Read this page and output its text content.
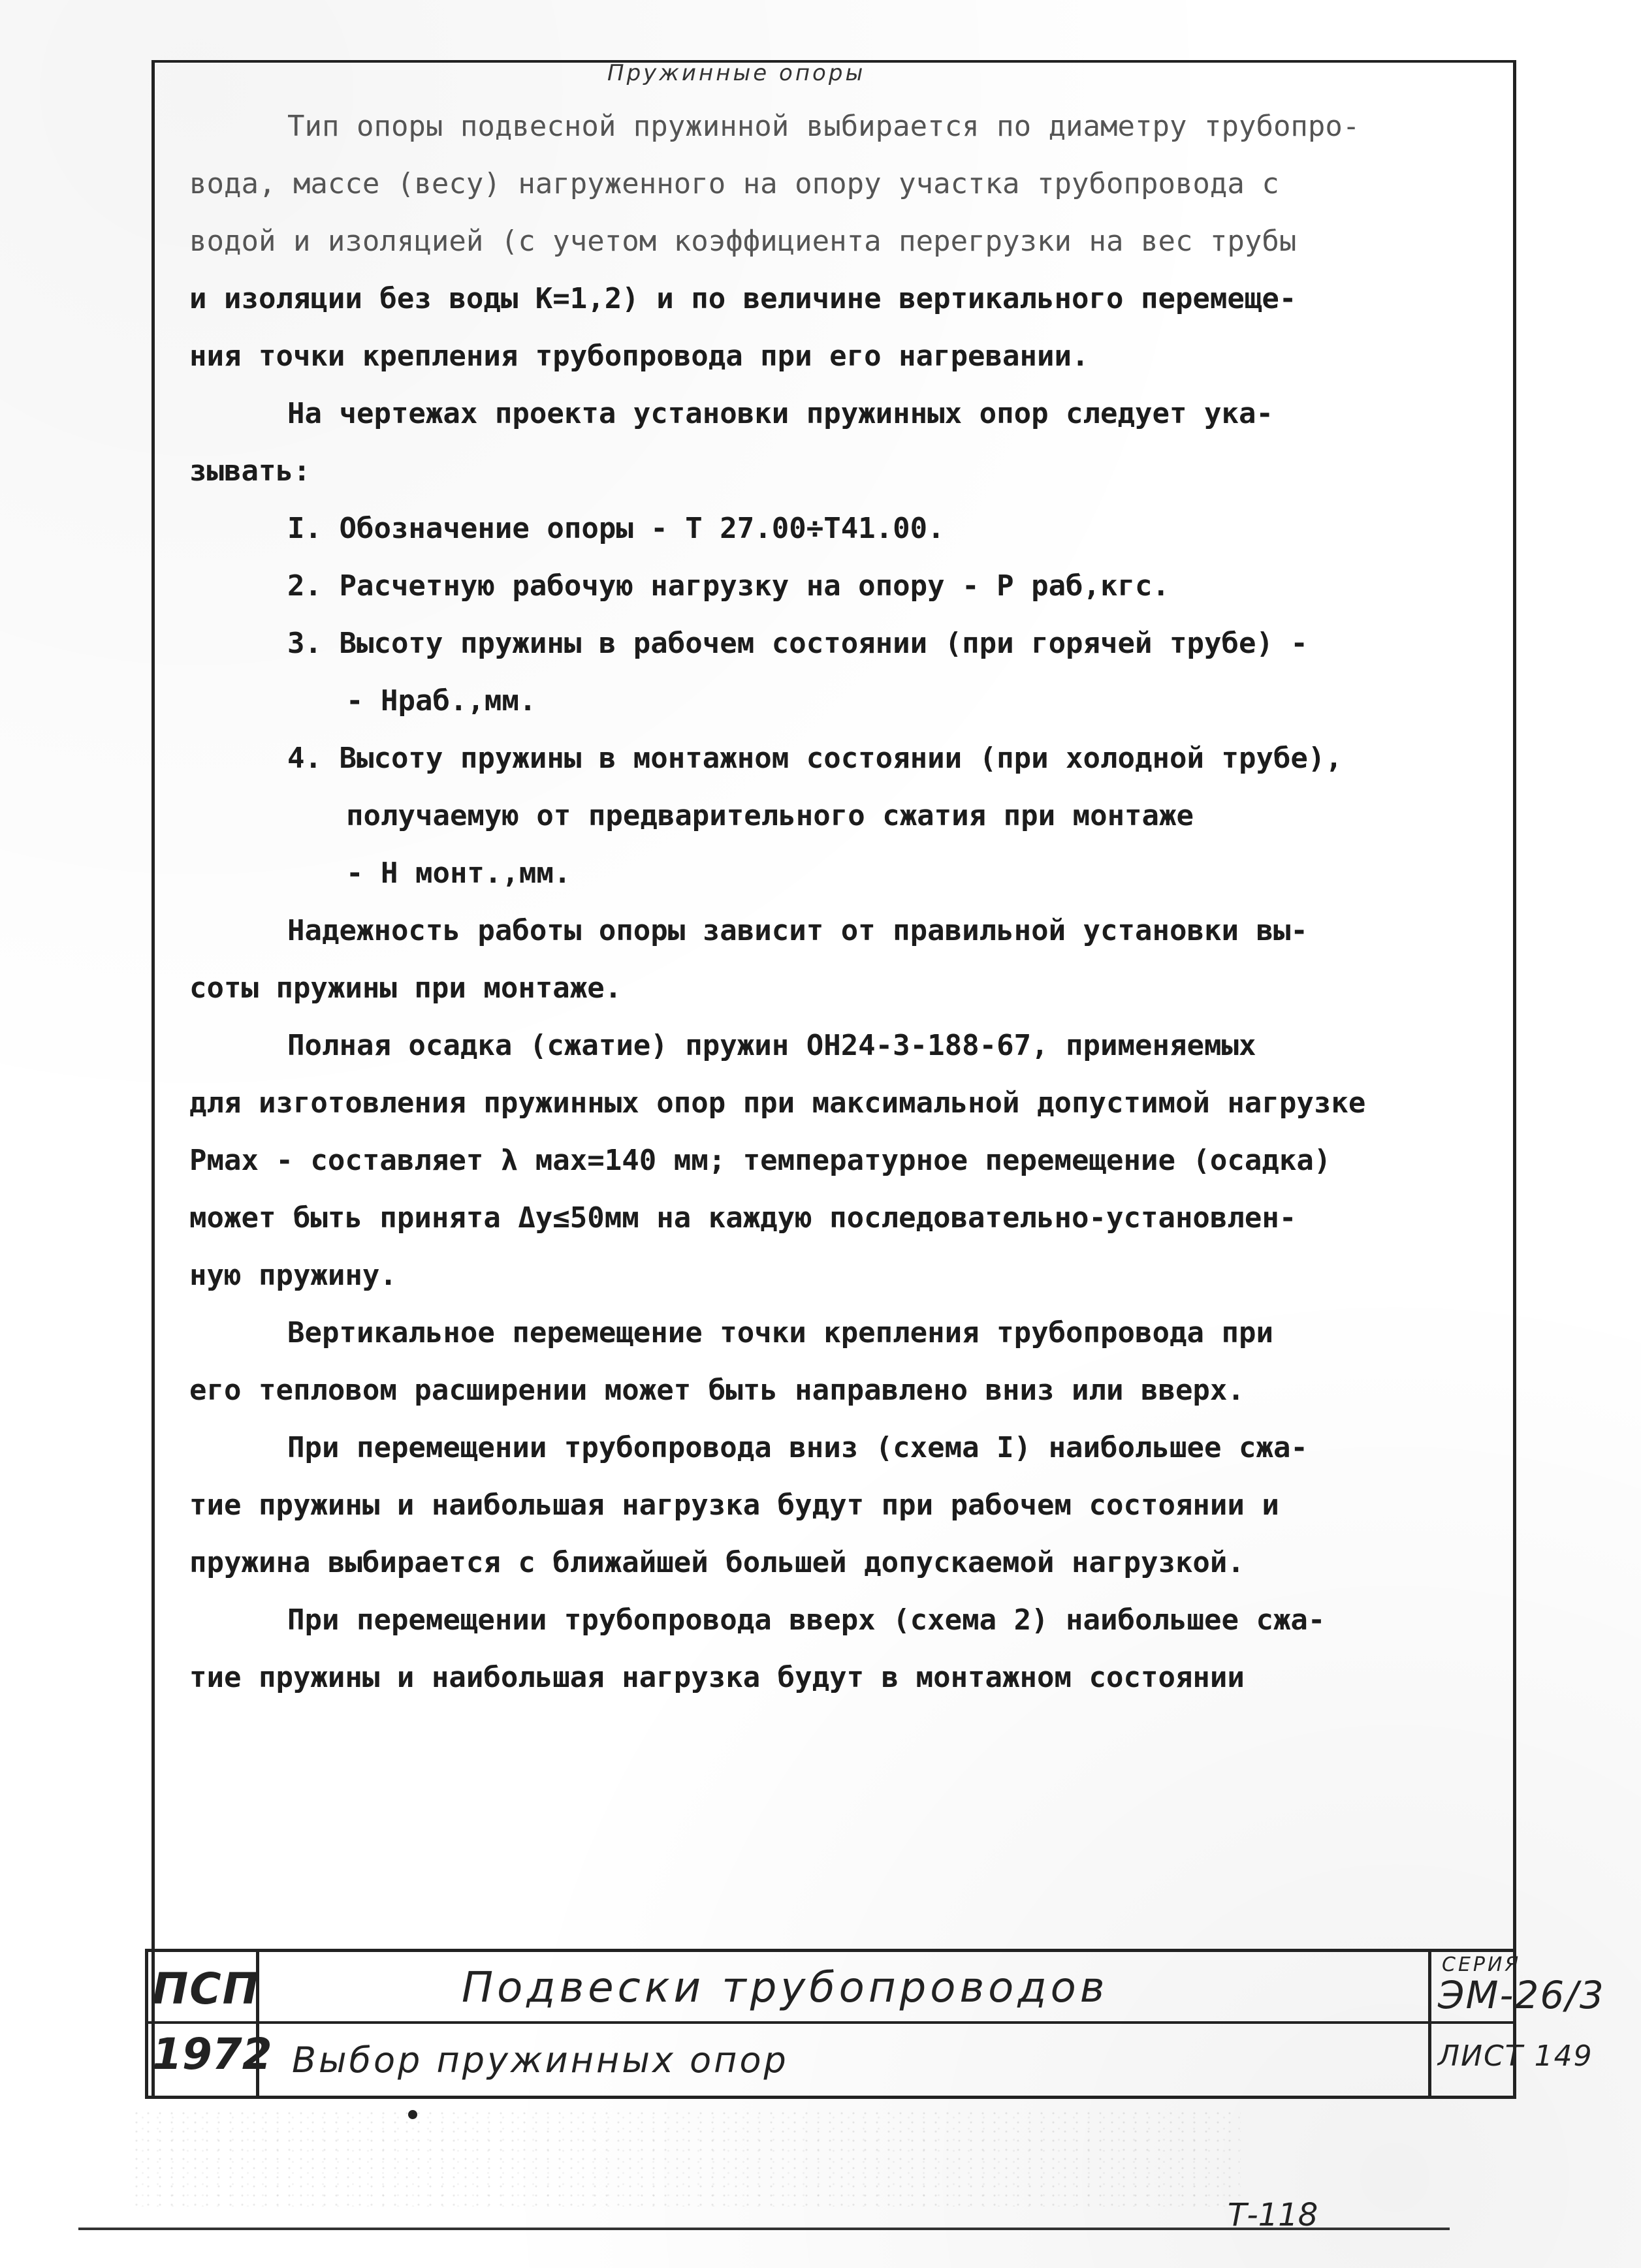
Пружинные опоры
Тип опоры подвесной пружинной выбирается по диаметру трубопро-
вода, массе (весу) нагруженного на опору участка трубопровода с
водой и изоляцией (с учетом коэффициента перегрузки на вес трубы
и изоляции без воды К=1,2) и по величине вертикального перемеще-
ния точки крепления трубопровода при его нагревании.
На чертежах проекта установки пружинных опор следует ука-
зывать:
I. Обозначение опоры - Т 27.00÷Т41.00.
2. Расчетную рабочую нагрузку на опору - Р раб,кгс.
3. Высоту пружины в рабочем состоянии (при горячей трубе) -
- Нраб.,мм.
4. Высоту пружины в монтажном состоянии (при холодной трубе),
получаемую от предварительного сжатия при монтаже
- Н монт.,мм.
Надежность работы опоры зависит от правильной установки вы-
соты пружины при монтаже.
Полная осадка (сжатие) пружин ОН24-3-188-67, применяемых
для изготовления пружинных опор при максимальной допустимой нагрузке
Рмах - составляет λ мах=140 мм; температурное перемещение (осадка)
может быть принята Δу≤50мм на каждую последовательно-установлен-
ную пружину.
Вертикальное перемещение точки крепления трубопровода при
его тепловом расширении может быть направлено вниз или вверх.
При перемещении трубопровода вниз (схема I) наибольшее сжа-
тие пружины и наибольшая нагрузка будут при рабочем состоянии и
пружина выбирается с ближайшей большей допускаемой нагрузкой.
При перемещении трубопровода вверх (схема 2) наибольшее сжа-
тие пружины и наибольшая нагрузка будут в монтажном состоянии
ПСП
1972
Подвески трубопроводов
Выбор пружинных опор
СЕРИЯ
ЭМ-26/3
ЛИСТ 149
Т-118
